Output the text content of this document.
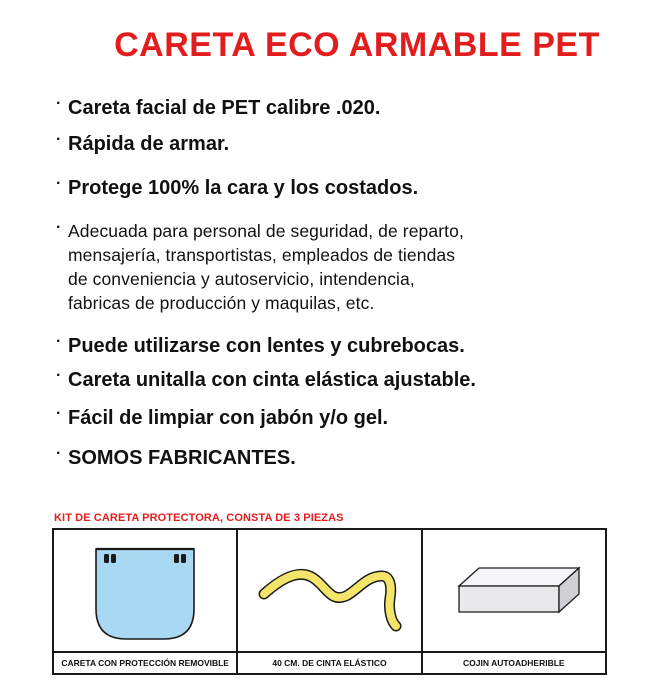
CARETA ECO ARMABLE PET
· Careta facial de PET calibre .020.
· Rápida de armar.
· Protege 100% la cara y los costados.
· Adecuada para personal de seguridad, de reparto,
mensajería, transportistas, empleados de tiendas
de conveniencia y autoservicio, intendencia,
fabricas de producción y maquilas, etc.
· Puede utilizarse con lentes y cubrebocas.
· Careta unitalla con cinta elástica ajustable.
· Fácil de limpiar con jabón y/o gel.
· SOMOS FABRICANTES.
KIT DE CARETA PROTECTORA, CONSTA DE 3 PIEZAS
CARETA CON PROTECCIÓN REMOVIBLE	40 CM. DE CINTA ELÁSTICO	COJIN AUTOADHERIBLE
